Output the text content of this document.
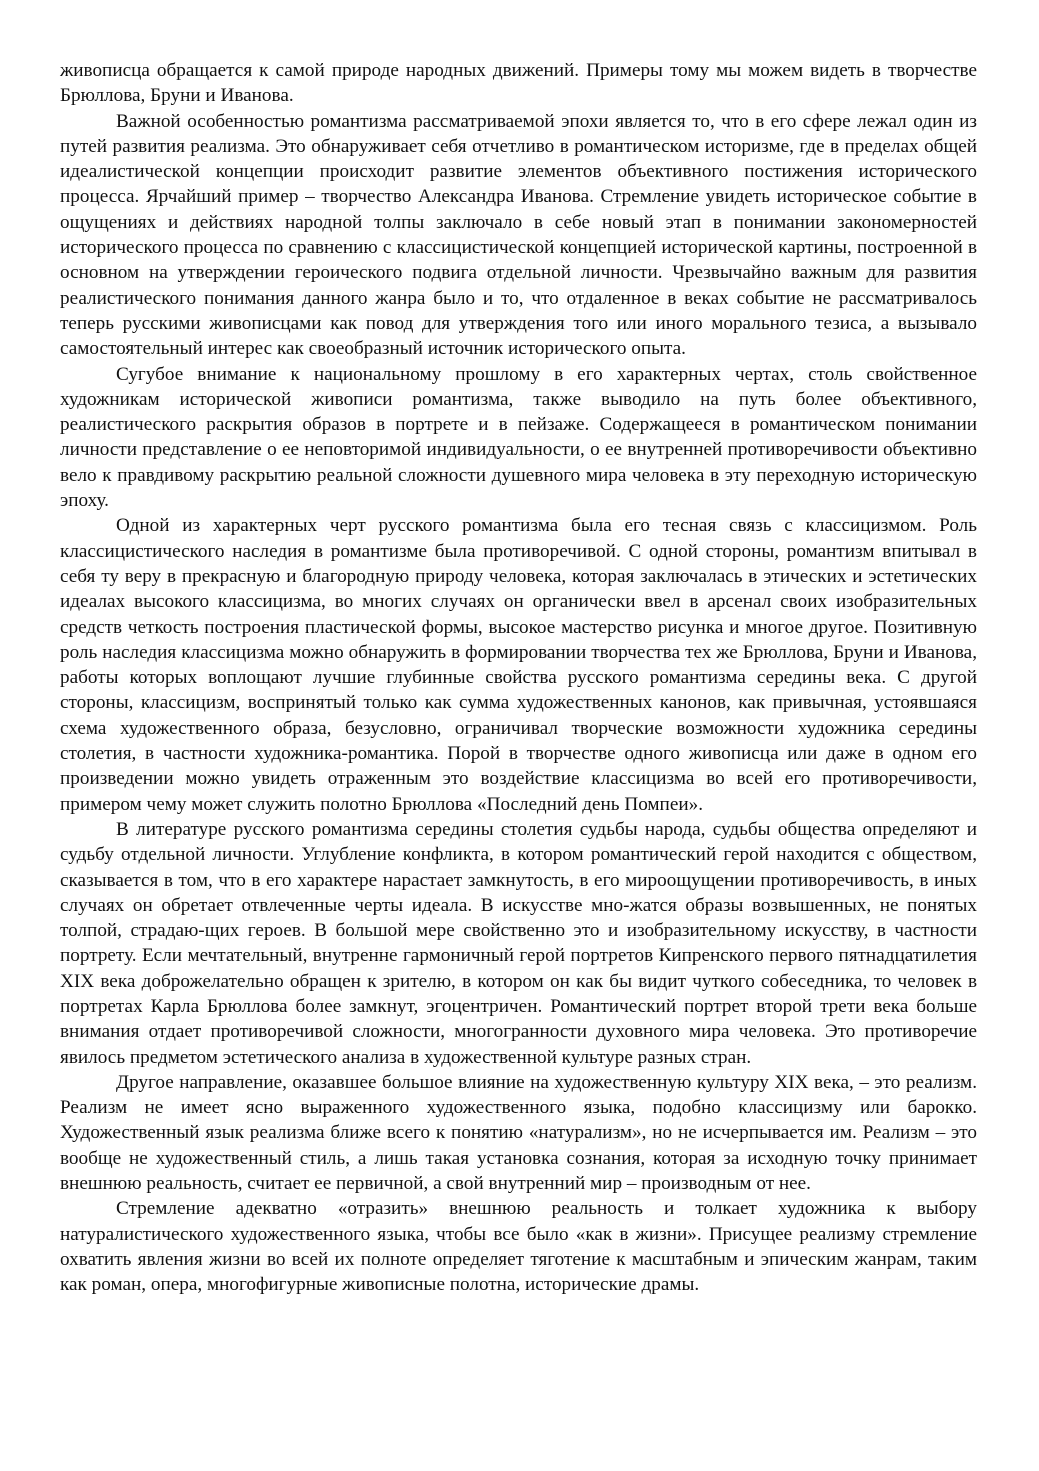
живописца обращается к самой природе народных движений. Примеры тому мы можем видеть в творчестве Брюллова, Бруни и Иванова.

Важной особенностью романтизма рассматриваемой эпохи является то, что в его сфере лежал один из путей развития реализма. Это обнаруживает себя отчетливо в романтическом историзме, где в пределах общей идеалистической концепции происходит развитие элементов объективного постижения исторического процесса. Ярчайший пример – творчество Александра Иванова. Стремление увидеть историческое событие в ощущениях и действиях народной толпы заключало в себе новый этап в понимании закономерностей исторического процесса по сравнению с классицистической концепцией исторической картины, построенной в основном на утверждении героического подвига отдельной личности. Чрезвычайно важным для развития реалистического понимания данного жанра было и то, что отдаленное в веках событие не рассматривалось теперь русскими живописцами как повод для утверждения того или иного морального тезиса, а вызывало самостоятельный интерес как своеобразный источник исторического опыта.

Сугубое внимание к национальному прошлому в его характерных чертах, столь свойственное художникам исторической живописи романтизма, также выводило на путь более объективного, реалистического раскрытия образов в портрете и в пейзаже. Содержащееся в романтическом понимании личности представление о ее неповторимой индивидуальности, о ее внутренней противоречивости объективно вело к правдивому раскрытию реальной сложности душевного мира человека в эту переходную историческую эпоху.

Одной из характерных черт русского романтизма была его тесная связь с классицизмом. Роль классицистического наследия в романтизме была противоречивой. С одной стороны, романтизм впитывал в себя ту веру в прекрасную и благородную природу человека, которая заключалась в этических и эстетических идеалах высокого классицизма, во многих случаях он органически ввел в арсенал своих изобразительных средств четкость построения пластической формы, высокое мастерство рисунка и многое другое. Позитивную роль наследия классицизма можно обнаружить в формировании творчества тех же Брюллова, Бруни и Иванова, работы которых воплощают лучшие глубинные свойства русского романтизма середины века. С другой стороны, классицизм, воспринятый только как сумма художественных канонов, как привычная, устоявшаяся схема художественного образа, безусловно, ограничивал творческие возможности художника середины столетия, в частности художника-романтика. Порой в творчестве одного живописца или даже в одном его произведении можно увидеть отраженным это воздействие классицизма во всей его противоречивости, примером чему может служить полотно Брюллова «Последний день Помпеи».

В литературе русского романтизма середины столетия судьбы народа, судьбы общества определяют и судьбу отдельной личности. Углубление конфликта, в котором романтический герой находится с обществом, сказывается в том, что в его характере нарастает замкнутость, в его мироощущении противоречивость, в иных случаях он обретает отвлеченные черты идеала. В искусстве мно-жатся образы возвышенных, не понятых толпой, страдаю-щих героев. В большой мере свойственно это и изобразительному искусству, в частности портрету. Если мечтательный, внутренне гармоничный герой портретов Кипренского первого пятнадцатилетия XIX века доброжелательно обращен к зрителю, в котором он как бы видит чуткого собеседника, то человек в портретах Карла Брюллова более замкнут, эгоцентричен. Романтический портрет второй трети века больше внимания отдает противоречивой сложности, многогранности духовного мира человека. Это противоречие явилось предметом эстетического анализа в художественной культуре разных стран.

Другое направление, оказавшее большое влияние на художественную культуру XIX века, – это реализм. Реализм не имеет ясно выраженного художественного языка, подобно классицизму или барокко. Художественный язык реализма ближе всего к понятию «натурализм», но не исчерпывается им. Реализм – это вообще не художественный стиль, а лишь такая установка сознания, которая за исходную точку принимает внешнюю реальность, считает ее первичной, а свой внутренний мир – производным от нее.

Стремление адекватно «отразить» внешнюю реальность и толкает художника к выбору натуралистического художественного языка, чтобы все было «как в жизни». Присущее реализму стремление охватить явления жизни во всей их полноте определяет тяготение к масштабным и эпическим жанрам, таким как роман, опера, многофигурные живописные полотна, исторические драмы.
